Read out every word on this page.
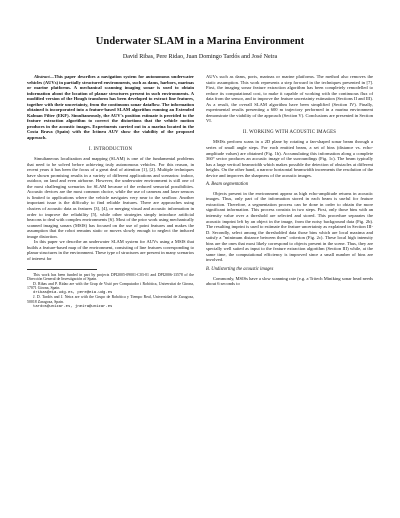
Underwater SLAM in a Marina Environment
David Ribas, Pere Ridao, Juan Domingo Tardós and José Neira

Abstract—This paper describes a navigation system for autonomous underwater vehicles (AUVs) in partially structured environments, such as dams, harbors, marinas or marine platforms. A mechanical scanning imaging sonar is used to obtain information about the location of planar structures present in such environments. A modified version of the Hough transform has been developed to extract line features, together with their uncertainty, from the continuous sonar dataflow. The information obtained is incorporated into a feature-based SLAM algorithm running an Extended Kalman Filter (EKF). Simultaneously, the AUV's position estimate is provided to the feature extraction algorithm to correct the distortions that the vehicle motion produces in the acoustic images. Experiments carried out in a marina located in the Costa Brava (Spain) with the Ictineu AUV show the viability of the proposed approach.

I. INTRODUCTION

Simultaneous localization and mapping (SLAM) is one of the fundamental problems that need to be solved before achieving truly autonomous vehicles. For this reason, in recent years it has been the focus of a great deal of attention [1], [2]. Multiple techniques have shown promising results in a variety of different applications and scenarios: indoor, outdoor, on land and even airborne. However, the underwater environment is still one of the most challenging scenarios for SLAM because of the reduced sensorial possibilities. Acoustic devices are the most common choice, while the use of cameras and laser sensors is limited to applications where the vehicle navigates very near to the seafloor. Another important issue is the difficulty to find reliable features. There are approaches using clusters of acoustic data as features [3], [4], or merging visual and acoustic information in order to improve the reliability [5], while other strategies simply introduce artificial beacons to deal with complex environments [6]. Most of the prior work using mechanically scanned imaging sonars (MSIS) has focused on the use of point features and makes the assumption that the robot remains static or moves slowly enough to neglect the induced image distortion.

In this paper we describe an underwater SLAM system for AUVs using a MSIS that builds a feature-based map of the environment, consisting of line features corresponding to planar structures in the environment. These type of structures are present in many scenarios of interest for

This work has been funded in part by projects DPI2005-09001-C03-01 and DPI2006-13578 of the Dirección General de Investigación of Spain.

D. Ribas and P. Ridao are with the Grup de Visió per Computador i Robòtica, Universitat de Girona, 17071 Girona, Spain.

dribas@eia.udg.es, pere@eia.udg.es

J. D. Tardós and J. Neira are with the Grupo de Robótica y Tiempo Real, Universidad de Zaragoza, 50018 Zaragoza, Spain.

tardos@unizar.es, jneira@unizar.es

AUVs such as dams, ports, marinas or marine platforms. The method also removes the static assumption. This work represents a step forward in the techniques presented in [7]. First, the imaging sonar feature extraction algorithm has been completely remodelled to reduce its computational cost, to make it capable of working with the continuous flux of data from the sensor, and to improve the feature uncertainty estimation (Sections II and III). As a result, the overall SLAM algorithm have been simplified (Section IV). Finally, experimental results presenting a 600 m trajectory performed in a marina environment demonstrate the viability of the approach (Section V). Conclusions are presented in Section VI.

II. WORKING WITH ACOUSTIC IMAGES

MSISs perform scans in a 2D plane by rotating a fan-shaped sonar beam through a series of small angle steps. For each emitted beam, a set of bins (distance vs. echo-amplitude values) are obtained (Fig. 1b). Accumulating this information along a complete 360° sector produces an acoustic image of the surroundings (Fig. 1c). The beam typically has a large vertical beamwidth which makes possible the detection of obstacles at different heights. On the other hand, a narrow horizontal beamwidth increments the resolution of the device and improves the sharpness of the acoustic images.

A. Beam segmentation

Objects present in the environment appear as high echo-amplitude returns in acoustic images. Thus, only part of the information stored in each beam is useful for feature extraction. Therefore, a segmentation process can be done in order to obtain the more significant information. This process consists in two steps. First, only those bins with an intensity value over a threshold are selected and stored. This procedure separates the acoustic imprint left by an object in the image, from the noisy background data (Fig. 2b). The resulting imprint is used to estimate the feature uncertainty as explained in Section III-D. Secondly, select among the thresholded data those bins which are local maxima and satisfy a "minimum distance between them" criterion (Fig. 2c). These local high intensity bins are the ones that most likely correspond to objects present in the scene. Thus, they are specially well suited as input to the feature extraction algorithm (Section III) while, at the same time, the computational efficiency is improved since a small number of bins are involved.

B. Undistorting the acoustic images

Commonly, MSISs have a slow scanning rate (e.g. a Tritech Miniking sonar head needs about 6 seconds to
